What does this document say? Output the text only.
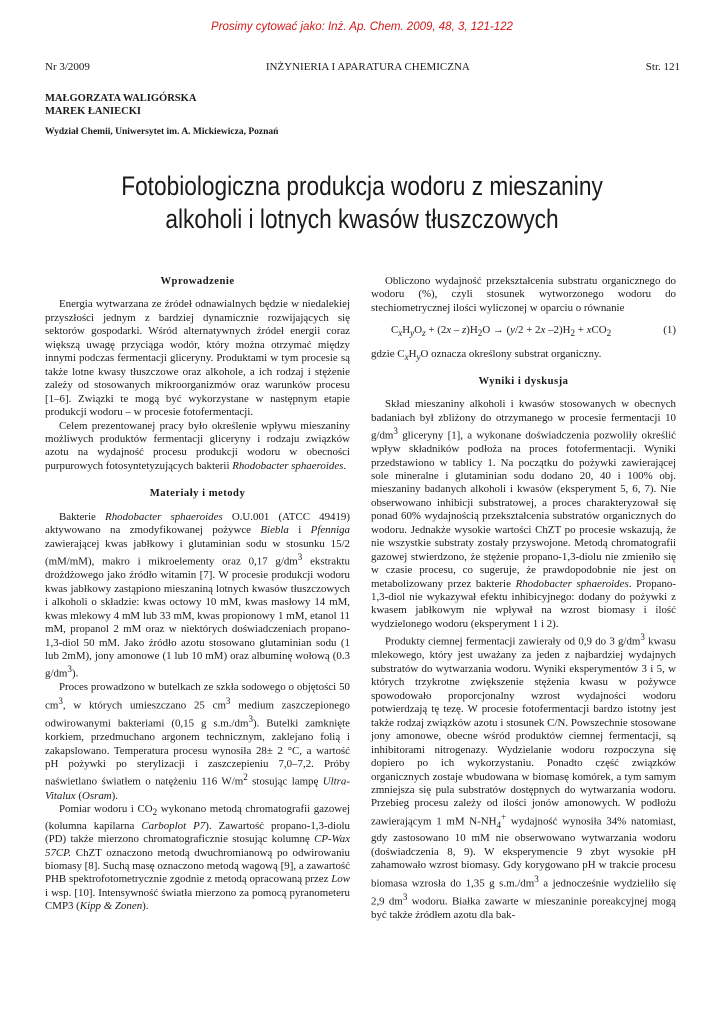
Prosimy cytować jako: Inż. Ap. Chem. 2009, 48, 3, 121-122
Nr 3/2009	INŻYNIERIA I APARATURA CHEMICZNA	Str. 121
MAŁGORZATA WALIGÓRSKA
MAREK ŁANIECKI
Wydział Chemii, Uniwersytet im. A. Mickiewicza, Poznań
Fotobiologiczna produkcja wodoru z mieszaniny
alkoholi i lotnych kwasów tłuszczowych
Wprowadzenie

Energia wytwarzana ze źródeł odnawialnych będzie w niedalekiej przyszłości jednym z bardziej dynamicznie rozwijających się sektorów gospodarki. Wśród alternatywnych źródeł energii coraz większą uwagę przyciąga wodór, który można otrzymać między innymi podczas fermentacji gliceryny. Produktami w tym procesie są także lotne kwasy tłuszczowe oraz alkohole, a ich rodzaj i stężenie zależy od stosowanych mikroorganizmów oraz warunków procesu [1–6]. Związki te mogą być wykorzystane w następnym etapie produkcji wodoru – w procesie fotofermentacji.

Celem prezentowanej pracy było określenie wpływu mieszaniny możliwych produktów fermentacji gliceryny i rodzaju związków azotu na wydajność procesu produkcji wodoru w obecności purpurowych fotosyntetyzujących bakterii Rhodobacter sphaeroides.

Materiały i metody

Bakterie Rhodobacter sphaeroides O.U.001 (ATCC 49419) aktywowano na zmodyfikowanej pożywce Biebla i Pfenniga zawierającej kwas jabłkowy i glutaminian sodu w stosunku 15/2 (mM/mM), makro i mikroelementy oraz 0,17 $g/dm^3$ ekstraktu drożdżowego jako źródło witamin [7]. W procesie produkcji wodoru kwas jabłkowy zastąpiono mieszaniną lotnych kwasów tłuszczowych i alkoholi o składzie: kwas octowy 10 mM, kwas masłowy 14 mM, kwas mlekowy 4 mM lub 33 mM, kwas propionowy 1 mM, etanol 11 mM, propanol 2 mM oraz w niektórych doświadczeniach propano-1,3-diol 50 mM. Jako źródło azotu stosowano glutaminian sodu (1 lub 2mM), jony amonowe (1 lub 10 mM) oraz albuminę wołową (0.3 $g/dm^3$).

Proces prowadzono w butelkach ze szkła sodowego o objętości 50 $cm^3$, w których umieszczano 25 $cm^3$ medium zaszczepionego odwirowanymi bakteriami (0,15 g $s.m./dm^3$). Butelki zamknięte korkiem, przedmuchano argonem technicznym, zaklejano folią i zakapslowano. Temperatura procesu wynosiła 28± 2 °C, a wartość pH pożywki po sterylizacji i zaszczepieniu 7,0–7,2. Próby naświetlano światłem o natężeniu 116 $W/m^2$ stosując lampę Ultra-Vitalux (Osram).

Pomiar wodoru i $CO_2$ wykonano metodą chromatografii gazowej (kolumna kapilarna Carboplot P7). Zawartość propano-1,3-diolu (PD) także mierzono chromatograficznie stosując kolumnę CP-Wax 57CP. ChZT oznaczono metodą dwuchromianową po odwirowaniu biomasy [8]. Suchą masę oznaczono metodą wagową [9], a zawartość PHB spektrofotometrycznie zgodnie z metodą opracowaną przez Low i wsp. [10]. Intensywność światła mierzono za pomocą pyranometeru CMP3 (Kipp & Zonen).

Obliczono wydajność przekształcenia substratu organicznego do wodoru (%), czyli stosunek wytworzonego wodoru do stechiometrycznej ilości wyliczonej w oparciu o równanie

$C_xH_yO_z + (2x - z)H_2O \to (y/2 + 2x$ $-2)H_2 + xCO_2$	(1)

gdzie $C_xH_yO$ oznacza określony substrat organiczny.

Wyniki i dyskusja

Skład mieszaniny alkoholi i kwasów stosowanych w obecnych badaniach był zbliżony do otrzymanego w procesie fermentacji 10 $g/dm^3$ gliceryny [1], a wykonane doświadczenia pozwoliły określić wpływ składników podłoża na proces fotofermentacji. Wyniki przedstawiono w tablicy 1. Na początku do pożywki zawierającej sole mineralne i glutaminian sodu dodano 20, 40 i 100% obj. mieszaniny badanych alkoholi i kwasów (eksperyment 5, 6, 7). Nie obserwowano inhibicji substratowej, a proces charakteryzował się ponad 60% wydajnością przekształcenia substratów organicznych do wodoru. Jednakże wysokie wartości ChZT po procesie wskazują, że nie wszystkie substraty zostały przyswojone. Metodą chromatografii gazowej stwierdzono, że stężenie propano-1,3-diolu nie zmieniło się w czasie procesu, co sugeruje, że prawdopodobnie nie jest on metabolizowany przez bakterie Rhodobacter sphaeroides. Propano-1,3-diol nie wykazywał efektu inhibicyjnego: dodany do pożywki z kwasem jabłkowym nie wpływał na wzrost biomasy i ilość wydzielonego wodoru (eksperyment 1 i 2).

Produkty ciemnej fermentacji zawierały od 0,9 do 3 $g/dm^3$ kwasu mlekowego, który jest uważany za jeden z najbardziej wydajnych substratów do wytwarzania wodoru. Wyniki eksperymentów 3 i 5, w których trzykrotne zwiększenie stężenia kwasu w pożywce spowodowało proporcjonalny wzrost wydajności wodoru potwierdzają tę tezę. W procesie fotofermentacji bardzo istotny jest także rodzaj związków azotu i stosunek C/N. Powszechnie stosowane jony amonowe, obecne wśród produktów ciemnej fermentacji, są inhibitorami nitrogenazy. Wydzielanie wodoru rozpoczyna się dopiero po ich wykorzystaniu. Ponadto część związków organicznych zostaje wbudowana w biomasę komórek, a tym samym zmniejsza się pula substratów dostępnych do wytwarzania wodoru. Przebieg procesu zależy od ilości jonów amonowych. W podłożu zawierającym 1 mM $N-NH_4^+$ wydajność wynosiła 34% natomiast, gdy zastosowano 10 mM nie obserwowano wytwarzania wodoru (doświadczenia 8, 9). W eksperymencie 9 zbyt wysokie pH zahamowało wzrost biomasy. Gdy korygowano pH w trakcie procesu biomasa wzrosła do 1,35 g $s.m./dm^3$ a jednocześnie wydzieliło się 2,9 $dm^3$ wodoru. Białka zawarte w mieszaninie poreakcyjnej mogą być także źródłem azotu dla bak-
